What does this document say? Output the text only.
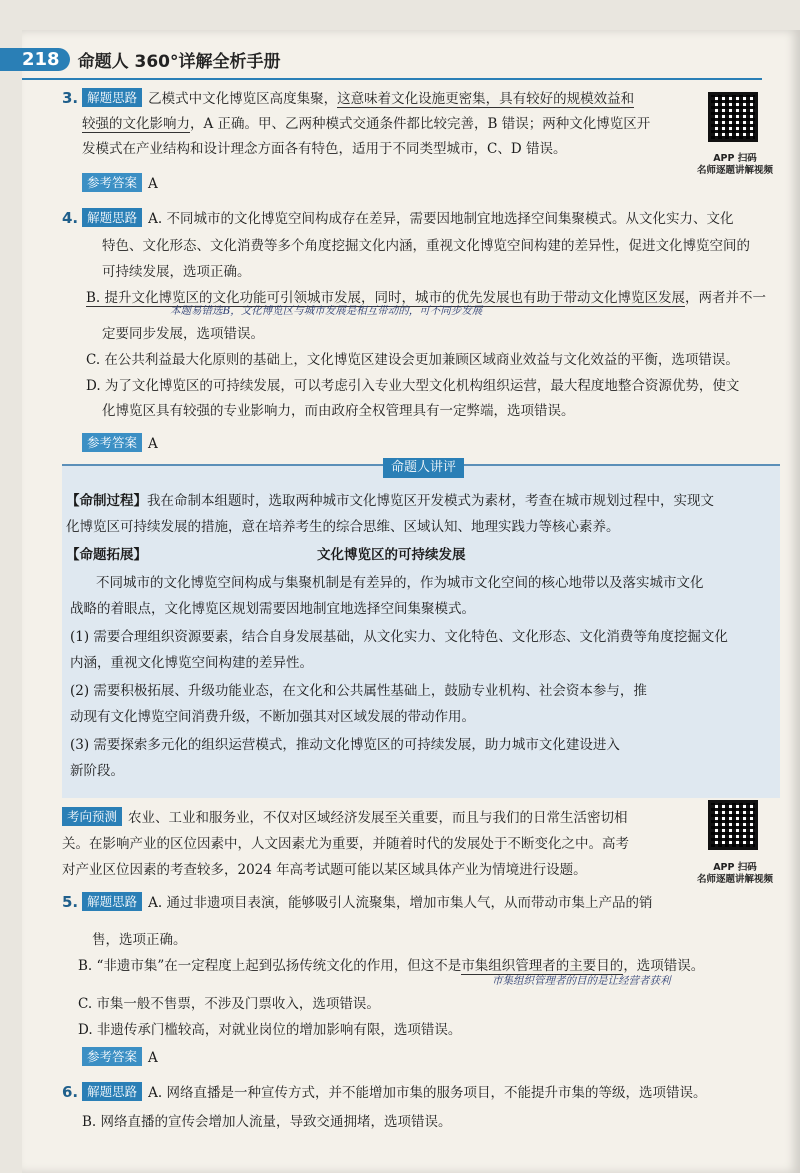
218	命题人 360°详解全析手册
APP 扫码
名师逐题讲解视频
APP 扫码
名师逐题讲解视频
3. 解题思路 乙模式中文化博览区高度集聚，这意味着文化设施更密集，具有较好的规模效益和
较强的文化影响力，A 正确。甲、乙两种模式交通条件都比较完善，B 错误；两种文化博览区开
发模式在产业结构和设计理念方面各有特色，适用于不同类型城市，C、D 错误。
参考答案 A
4. 解题思路 A. 不同城市的文化博览空间构成存在差异，需要因地制宜地选择空间集聚模式。从文化实力、文化
特色、文化形态、文化消费等多个角度挖掘文化内涵，重视文化博览空间构建的差异性，促进文化博览空间的
可持续发展，选项正确。
B. 提升文化博览区的文化功能可引领城市发展，同时，城市的优先发展也有助于带动文化博览区发展，两者并不一
本题易错选B，文化博览区与城市发展是相互带动的，可不同步发展
定要同步发展，选项错误。
C. 在公共利益最大化原则的基础上，文化博览区建设会更加兼顾区域商业效益与文化效益的平衡，选项错误。
D. 为了文化博览区的可持续发展，可以考虑引入专业大型文化机构组织运营，最大程度地整合资源优势，使文
化博览区具有较强的专业影响力，而由政府全权管理具有一定弊端，选项错误。
参考答案 A
命题人讲评
【命制过程】我在命制本组题时，选取两种城市文化博览区开发模式为素材，考查在城市规划过程中，实现文
化博览区可持续发展的措施，意在培养考生的综合思维、区域认知、地理实践力等核心素养。
【命题拓展】	文化博览区的可持续发展
不同城市的文化博览空间构成与集聚机制是有差异的，作为城市文化空间的核心地带以及落实城市文化
战略的着眼点，文化博览区规划需要因地制宜地选择空间集聚模式。
(1) 需要合理组织资源要素，结合自身发展基础，从文化实力、文化特色、文化形态、文化消费等角度挖掘文化
内涵，重视文化博览空间构建的差异性。
(2) 需要积极拓展、升级功能业态，在文化和公共属性基础上，鼓励专业机构、社会资本参与，推
动现有文化博览空间消费升级，不断加强其对区域发展的带动作用。
(3) 需要探索多元化的组织运营模式，推动文化博览区的可持续发展，助力城市文化建设进入
新阶段。
考向预测 农业、工业和服务业，不仅对区域经济发展至关重要，而且与我们的日常生活密切相
关。在影响产业的区位因素中，人文因素尤为重要，并随着时代的发展处于不断变化之中。高考
对产业区位因素的考查较多，2024 年高考试题可能以某区域具体产业为情境进行设题。
5. 解题思路 A. 通过非遗项目表演，能够吸引人流聚集，增加市集人气，从而带动市集上产品的销
售，选项正确。
B. “非遗市集”在一定程度上起到弘扬传统文化的作用，但这不是市集组织管理者的主要目的，选项错误。
市集组织管理者的目的是让经营者获利
C. 市集一般不售票，不涉及门票收入，选项错误。
D. 非遗传承门槛较高，对就业岗位的增加影响有限，选项错误。
参考答案 A
6. 解题思路 A. 网络直播是一种宣传方式，并不能增加市集的服务项目，不能提升市集的等级，选项错误。
B. 网络直播的宣传会增加人流量，导致交通拥堵，选项错误。
